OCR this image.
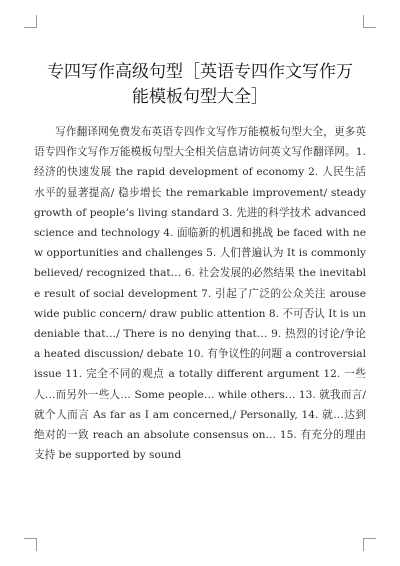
专四写作高级句型［英语专四作文写作万能模板句型大全］

写作翻译网免费发布英语专四作文写作万能模板句型大全，更多英语专四作文写作万能模板句型大全相关信息请访问英文写作翻译网。1. 经济的快速发展 the rapid development of economy 2. 人民生活水平的显著提高/ 稳步增长 the remarkable improvement/ steady growth of people’s living standard 3. 先进的科学技术 advanced science and technology 4. 面临新的机遇和挑战 be faced with new opportunities and challenges 5. 人们普遍认为 It is commonly believed/ recognized that… 6. 社会发展的必然结果 the inevitable result of social development 7. 引起了广泛的公众关注 arouse wide public concern/ draw public attention 8. 不可否认 It is undeniable that…/ There is no denying that… 9. 热烈的讨论/争论 a heated discussion/ debate 10. 有争议性的问题 a controversial issue 11. 完全不同的观点 a totally different argument 12. 一些人…而另外一些人… Some people… while others… 13. 就我而言/就个人而言 As far as I am concerned,/ Personally, 14. 就…达到绝对的一致 reach an absolute consensus on… 15. 有充分的理由支持 be supported by sound
